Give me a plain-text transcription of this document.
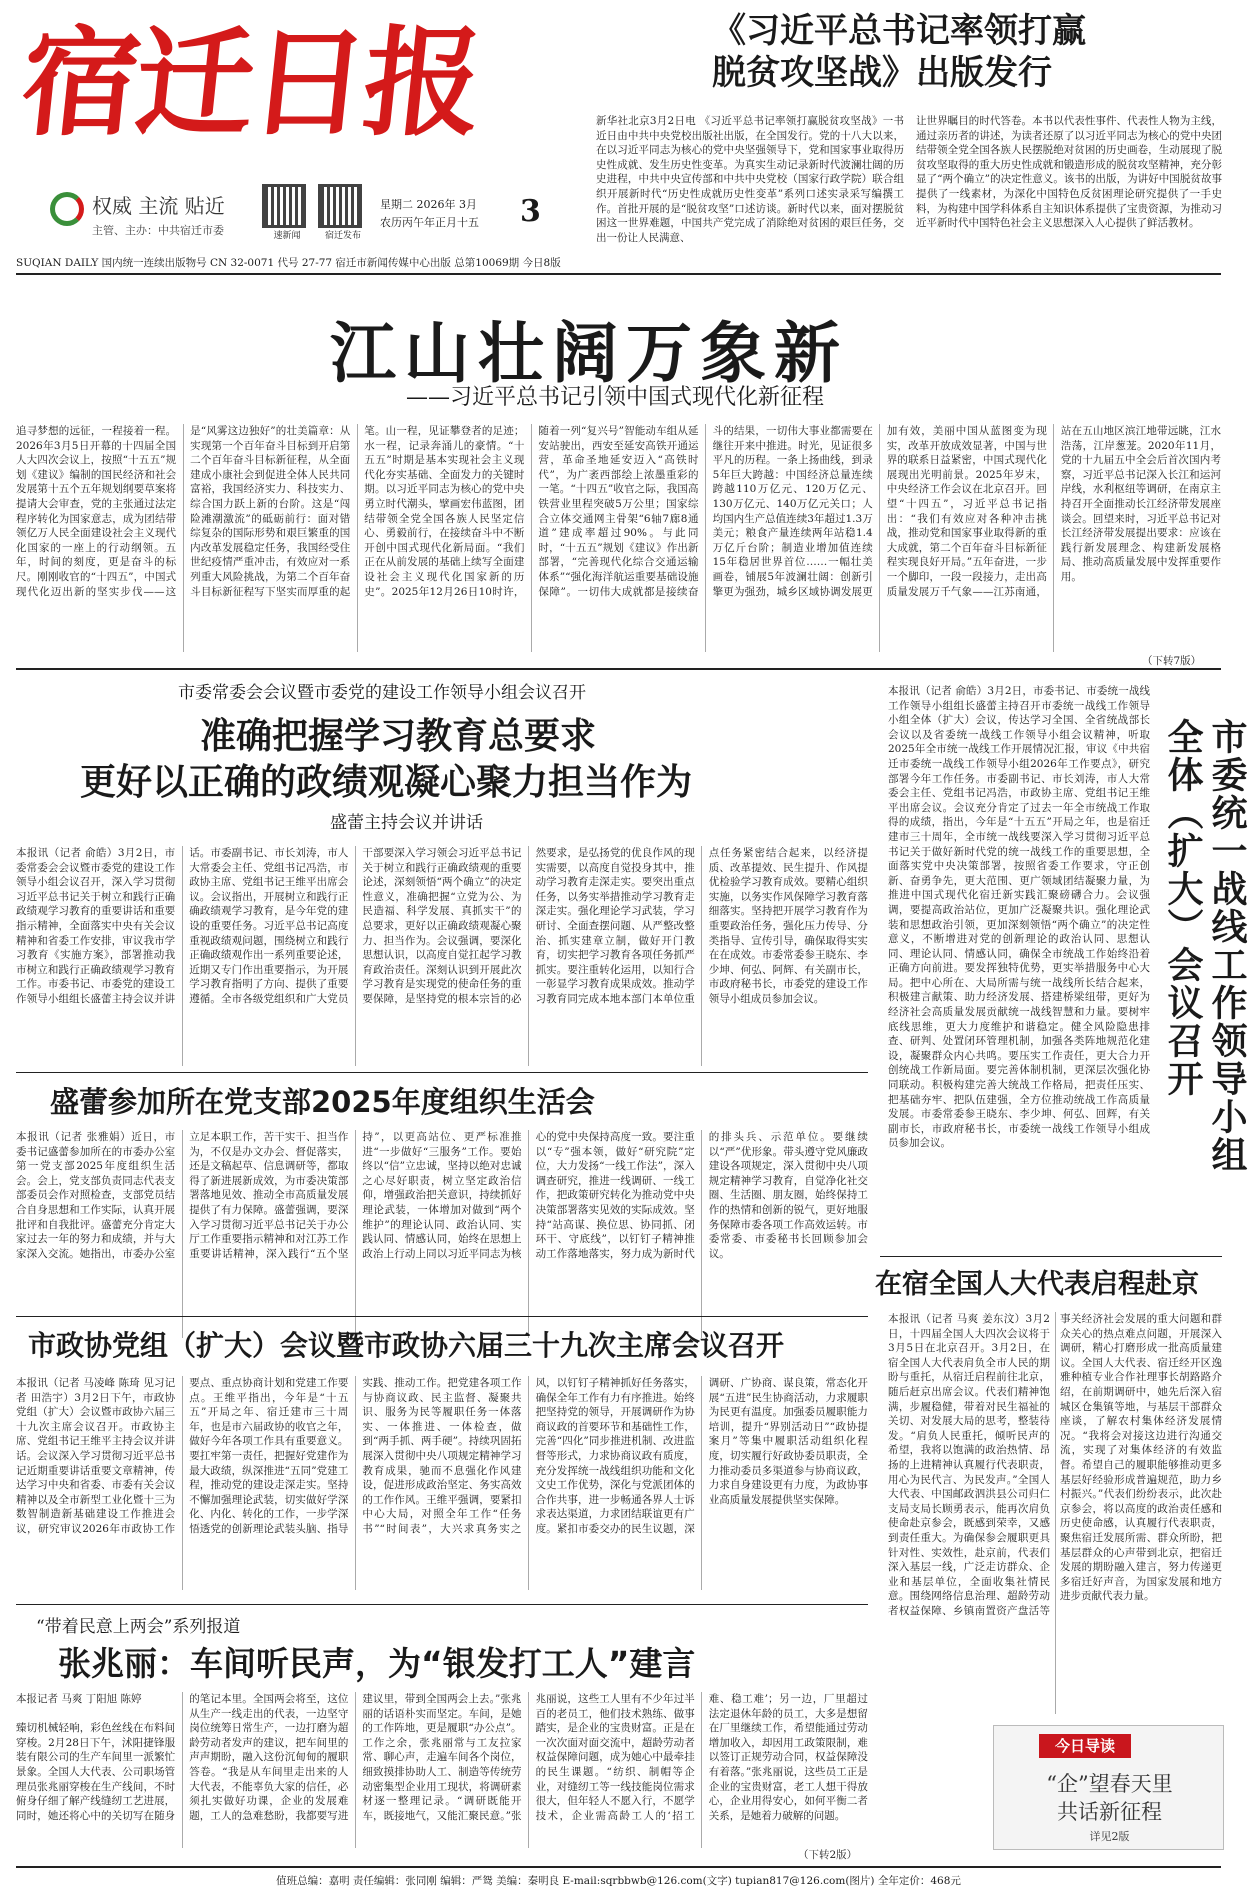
宿迁日报
权威 主流 贴近
主管、主办：中共宿迁市委	速新闻	宿迁发布
星期二 2026年 3月
农历丙午年正月十五 3
SUQIAN DAILY 国内统一连续出版物号 CN 32-0071 代号 27-77 宿迁市新闻传媒中心出版 总第10069期 今日8版
《习近平总书记率领打赢
脱贫攻坚战》出版发行
新华社北京3月2日电 《习近平总书记率领打赢脱贫攻坚战》一书近日由中共中央党校出版社出版，在全国发行。党的十八大以来，在以习近平同志为核心的党中央坚强领导下，党和国家事业取得历史性成就、发生历史性变革。为真实生动记录新时代波澜壮阔的历史进程，中共中央宣传部和中共中央党校（国家行政学院）联合组织开展新时代“历史性成就历史性变革”系列口述实录采写编撰工作。首批开展的是“脱贫攻坚”口述访谈。新时代以来，面对摆脱贫困这一世界难题，中国共产党完成了消除绝对贫困的艰巨任务，交出一份让人民满意、
让世界瞩目的时代答卷。本书以代表性事件、代表性人物为主线，通过亲历者的讲述，为读者还原了以习近平同志为核心的党中央团结带领全党全国各族人民摆脱绝对贫困的历史画卷，生动展现了脱贫攻坚取得的重大历史性成就和锻造形成的脱贫攻坚精神，充分彰显了“两个确立”的决定性意义。该书的出版，为讲好中国脱贫故事提供了一线素材，为深化中国特色反贫困理论研究提供了一手史料，为构建中国学科体系自主知识体系提供了宝贵资源，为推动习近平新时代中国特色社会主义思想深入人心提供了鲜活教材。
江山壮阔万象新
——习近平总书记引领中国式现代化新征程
追寻梦想的远征，一程接着一程。2026年3月5日开幕的十四届全国人大四次会议上，按照“十五五”规划《建议》编制的国民经济和社会发展第十五个五年规划纲要草案将提请大会审查，党的主张通过法定程序转化为国家意志，成为团结带领亿万人民全面建设社会主义现代化国家的一座上的行动纲领。五年，时间的刻度，更是奋斗的标尺。刚刚收官的“十四五”，中国式现代化迈出新的坚实步伐——这是“风雾这边独好”的壮美篇章：从实现第一个百年奋斗目标到开启第二个百年奋斗目标新征程，从全面建成小康社会到促进全体人民共同富裕，我国经济实力、科技实力、综合国力跃上新的台阶。这是“闯险滩潮激流”的砥砺前行：面对错综复杂的国际形势和艰巨繁重的国内改革发展稳定任务，我国经受住世纪疫情严重冲击，有效应对一系列重大风险挑战，为第二个百年奋斗目标新征程写下坚实而厚重的起笔。山一程，见证攀登者的足迹；水一程，记录奔涌儿的豪情。“十五五”时期是基本实现社会主义现代化夯实基础、全面发力的关键时期。以习近平同志为核心的党中央勇立时代潮头，擘画宏伟蓝图，团结带领全党全国各族人民坚定信心、勇毅前行，在接续奋斗中不断开创中国式现代化新局面。“我们正在从前发展的基础上续写全面建设社会主义现代化国家新的历史”。2025年12月26日10时许，随着一列“复兴号”智能动车组从延安站驶出，西安至延安高铁开通运营，革命圣地延安迈入“高铁时代”，为广袤西部绘上浓墨重彩的一笔。“十四五”收官之际，我国高铁营业里程突破5万公里；国家综合立体交通网主骨架“6轴7廊8通道”建成率超过90%。与此同时，“十五五”规划《建议》作出新部署，“完善现代化综合交通运输体系”“强化海洋航运重要基础设施保障”。一切伟大成就都是接续奋斗的结果，一切伟大事业都需要在继往开来中推进。时光，见证很多平凡的历程。一条上扬曲线，到录5年巨大跨越：中国经济总量连续跨越110万亿元、120万亿元、130万亿元、140万亿元关口；人均国内生产总值连续3年超过1.3万美元；粮食产量连续两年站稳1.4万亿斤台阶；制造业增加值连续15年稳居世界首位……一幅壮美画卷，铺展5年波澜壮阔：创新引擎更为强劲，城乡区域协调发展更加有效，美丽中国从蓝图变为现实，改革开放成效显著，中国与世界的联系日益紧密，中国式现代化展现出光明前景。2025年岁末，中央经济工作会议在北京召开。回望“十四五”，习近平总书记指出：“我们有效应对各种冲击挑战，推动党和国家事业取得新的重大成就，第二个百年奋斗目标新征程实现良好开局。”五年奋进，一步一个脚印，一段一段接力，走出高质量发展万千气象——江苏南通，站在五山地区滨江地带远眺，江水浩荡，江岸葱茏。2020年11月，党的十九届五中全会后首次国内考察，习近平总书记深入长江和运河岸线，水利枢纽等调研，在南京主持召开全面推动长江经济带发展座谈会。回望来时，习近平总书记对长江经济带发展提出要求：应该在践行新发展理念、构建新发展格局、推动高质量发展中发挥重要作用。
（下转7版）
市委常委会会议暨市委党的建设工作领导小组会议召开
准确把握学习教育总要求
更好以正确的政绩观凝心聚力担当作为
盛蕾主持会议并讲话
本报讯（记者 俞皓）3月2日，市委常委会会议暨市委党的建设工作领导小组会议召开，深入学习贯彻习近平总书记关于树立和践行正确政绩观学习教育的重要讲话和重要指示精神，全面落实中央有关会议精神和省委工作安排，审议我市学习教育《实施方案》，部署推动我市树立和践行正确政绩观学习教育工作。市委书记、市委党的建设工作领导小组组长盛蕾主持会议并讲话。市委副书记、市长刘涛，市人大常委会主任、党组书记冯浩，市政协主席、党组书记王维平出席会议。会议指出，开展树立和践行正确政绩观学习教育，是今年党的建设的重要任务。习近平总书记高度重视政绩观问题，围绕树立和践行正确政绩观作出一系列重要论述，近期又专门作出重要指示，为开展学习教育指明了方向、提供了重要遵循。全市各级党组织和广大党员干部要深入学习领会习近平总书记关于树立和践行正确政绩观的重要论述，深刻领悟“两个确立”的决定性意义，准确把握“立党为公、为民造福、科学发展、真抓实干”的总要求，更好以正确政绩观凝心聚力、担当作为。会议强调，要深化思想认识，以高度自觉扛起学习教育政治责任。深刻认识到开展此次学习教育是实现党的使命任务的重要保障，是坚持党的根本宗旨的必然要求，是弘扬党的优良作风的现实需要，以高度自觉投身其中，推动学习教育走深走实。要突出重点任务，以务实举措推动学习教育走深走实。强化理论学习武装，学习研讨、全面查摆问题、从严整改整治、抓实建章立制，做好开门教育，切实把学习教育各项任务抓严抓实。要注重转化运用，以知行合一彰显学习教育成果成效。推动学习教育同完成本地本部门本单位重点任务紧密结合起来，以经济提质、改革提效、民生提升、作风提优检验学习教育成效。要精心组织实施，以务实作风保障学习教育落细落实。坚持把开展学习教育作为重要政治任务，强化压力传导、分类指导、宣传引导，确保取得实实在在成效。市委常委参王晓东、李少坤、何弘、阿辉、有关副市长，市政府秘书长，市委党的建设工作领导小组成员参加会议。
盛蕾参加所在党支部2025年度组织生活会
本报讯（记者 张雅娟）近日，市委书记盛蕾参加所在的市委办公室第一党支部2025年度组织生活会。会上，党支部负责同志代表支部委员会作对照检查，支部党员结合自身思想和工作实际，认真开展批评和自我批评。盛蕾充分肯定大家过去一年的努力和成绩，并与大家深入交流。她指出，市委办公室立足本职工作，苦干实干、担当作为，不仅是办文办会、督促落实，还是文稿起草、信息调研等，都取得了新进展新成效，为市委决策部署落地见效、推动全市高质量发展提供了有力保障。盛蕾强调，要深入学习贯彻习近平总书记关于办公厅工作重要指示精神和对江苏工作重要讲话精神，深入践行“五个坚持”，以更高站位、更严标准推进“一步做好“三服务”工作。要始终以“信”立忠诚，坚持以绝对忠诚之心尽好职责，树立坚定政治信仰，增强政治把关意识，持续抓好理论武装，一体增加对做到“两个维护”的理论认同、政治认同、实践认同、情感认同，始终在思想上政治上行动上同以习近平同志为核心的党中央保持高度一致。要注重以“专”强本领，做好“研究院”定位，大力发扬“一线工作法”，深入调查研究，推进一线调研、一线工作，把政策研究转化为推动党中央决策部署落实见效的实际成效。坚持“站高谋、换位思、协同抓、闭环干、守底线”，以钉钉子精神推动工作落地落实，努力成为新时代的排头兵、示范单位。要继续以“严”优形象。带头遵守党风廉政建设各项规定，深入贯彻中央八项规定精神学习教育，自觉净化社交圈、生活圈、朋友圈，始终保持工作的热情和创新的锐气，更好地服务保障市委各项工作高效运转。市委常委、市委秘书长回顾参加会议。
市委统一战线工作领导小组全体（扩大）会议召开
本报讯（记者 俞皓）3月2日，市委书记、市委统一战线工作领导小组组长盛蕾主持召开市委统一战线工作领导小组全体（扩大）会议，传达学习全国、全省统战部长会议以及省委统一战线工作领导小组会议精神，听取2025年全市统一战线工作开展情况汇报，审议《中共宿迁市委统一战线工作领导小组2026年工作要点》，研究部署今年工作任务。市委副书记、市长刘涛，市人大常委会主任、党组书记冯浩，市政协主席、党组书记王维平出席会议。会议充分肯定了过去一年全市统战工作取得的成绩，指出，今年是“十五五”开局之年，也是宿迁建市三十周年，全市统一战线要深入学习贯彻习近平总书记关于做好新时代党的统一战线工作的重要思想，全面落实党中央决策部署，按照省委工作要求，守正创新、奋勇争先，更大范围、更广领域团结凝聚力量，为推进中国式现代化宿迁新实践汇聚磅礴合力。会议强调，要提高政治站位，更加广泛凝聚共识。强化理论武装和思想政治引领，更加深刻领悟“两个确立”的决定性意义，不断增进对党的创新理论的政治认同、思想认同、理论认同、情感认同，确保全市统战工作始终沿着正确方向前进。要发挥独特优势，更实举措服务中心大局。把中心所在、大局所需与统一战线所长结合起来，积极建言献策、助力经济发展、搭建桥梁纽带，更好为经济社会高质量发展贡献统一战线智慧和力量。要树牢底线思维，更大力度维护和谐稳定。健全风险隐患排查、研判、处置闭环管理机制，加强各类阵地规范化建设，凝聚群众内心共鸣。要压实工作责任，更大合力开创统战工作新局面。要完善体制机制，更深层次强化协同联动。积极构建完善大统战工作格局，把责任压实、把基础夯牢、把队伍建强，全方位推动统战工作高质量发展。市委常委参王晓东、李少坤、何弘、回辉，有关副市长，市政府秘书长，市委统一战线工作领导小组成员参加会议。
在宿全国人大代表启程赴京
本报讯（记者 马爽 姜东汶）3月2日，十四届全国人大四次会议将于3月5日在北京召开。3月2日，在宿全国人大代表肩负全市人民的期盼与重托，从宿迁启程前往北京，随后赶京出席会议。代表们精神饱满，步履稳健，带着对民生福祉的关切、对发展大局的思考，整装待发。“肩负人民重托，倾听民声的希望，我将以饱满的政治热情、昂扬的上进精神认真履行代表职责，用心为民代言、为民发声。”全国人大代表、中国邮政泗洪县公司归仁支局支局长顾勇表示，能再次肩负使命赴京参会，既感到荣幸，又感到责任重大。为确保参会履职更具针对性、实效性，赴京前，代表们深入基层一线，广泛走访群众、企业和基层单位，全面收集社情民意。围绕网络信息治理、超龄劳动者权益保障、乡镇南置资产盘活等事关经济社会发展的重大问题和群众关心的热点难点问题，开展深入调研，精心打磨形成一批高质量建议。全国人大代表、宿迁经开区逸雅种植专业合作社理事长胡路路介绍，在前期调研中，她先后深入宿城区仓集镇等地，与基层干部群众座谈，了解农村集体经济发展情况。“我将会对接这边进行沟通交流，实现了对集体经济的有效监督。希望自己的履职能够推动更多基层好经验形成普遍规范，助力乡村振兴。”代表们纷纷表示，此次赴京参会，将以高度的政治责任感和历史使命感，认真履行代表职责，聚焦宿迁发展所需、群众所盼，把基层群众的心声带到北京，把宿迁发展的期盼融入建言，努力传递更多宿迁好声音，为国家发展和地方进步贡献代表力量。
市政协党组（扩大）会议暨市政协六届三十九次主席会议召开
本报讯（记者 马凌峰 陈琦 见习记者 田浩宇）3月2日下午，市政协党组（扩大）会议暨市政协六届三十九次主席会议召开。市政协主席、党组书记王维平主持会议并讲话。会议深入学习贯彻习近平总书记近期重要讲话重要文章精神，传达学习中央和省委、市委有关会议精神以及全市新型工业化暨十三为数智制造新基础建设工作推进会议，研究审议2026年市政协工作要点、重点协商计划和党建工作要点。王维平指出，今年是“十五五”开局之年、宿迁建市三十周年，也是市六届政协的收官之年，做好今年各项工作具有重要意义。要扛牢第一责任，把握好党建作为最大政绩，纵深推进“五同”党建工程，推动党的建设走深走实。坚持不懈加强理论武装，切实做好学深化、内化、转化的工作，一步学深悟透党的创新理论武装头脑、指导实践、推动工作。把党建各项工作与协商议政、民主监督、凝聚共识、服务为民等履职任务一体落实、一体推进、一体检查，做到“两手抓、两手硬”。持续巩固拓展深入贯彻中央八项规定精神学习教育成果，驰而不息强化作风建设，促进形成政治坚定、务实高效的工作作风。王维平强调，要紧扣中心大局，对照全年工作“任务书”“时间表”，大兴求真务实之风，以钉钉子精神抓好任务落实，确保全年工作有力有序推进。始终把坚持党的领导，开展调研作为协商议政的首要环节和基础性工作，完善“四化”同步推进机制、改进监督等形式，力求协商议政有质度，充分发挥统一战线组织功能和文化文史工作优势，深化与党派团体的合作共事，进一步畅通各界人士诉求表达渠道，力求团结联谊更有广度。紧扣市委交办的民生议题，深调研、广协商、谋良策，常态化开展“五进”民生协商活动，力求履职为民更有温度。加强委员履职能力培训，提升“界别活动日”“政协提案月”等集中履职活动组织化程度，切实履行好政协委员职责，全力推动委员多渠道参与协商议政，力求自身建设更有力度，为政协事业高质量发展提供坚实保障。
“带着民意上两会”系列报道
张兆丽：车间听民声，为“银发打工人”建言
本报记者 马爽 丁阳旭 陈婷

臻切机械轻响，彩色丝线在布料间穿梭。2月28日下午，沭阳捷锋服装有限公司的生产车间里一派繁忙景象。全国人大代表、公司职场管理员张兆丽穿梭在生产线间，不时俯身仔细了解产线缝纫工艺进展，同时，她还将心中的关切写在随身的笔记本里。全国两会将至，这位从生产一线走出的代表，一边坚守岗位统筹日常生产，一边打磨为超龄劳动者发声的建议，把车间里的声声期盼，融入这份沉甸甸的履职答卷。“我是从车间里走出来的人大代表，不能辜负大家的信任，必须扎实做好功课，企业的发展难题，工人的急难愁盼，我都要写进建议里，带到全国两会上去。”张兆丽的话语朴实而坚定。车间，是她的工作阵地，更是履职“办公点”。工作之余，张兆丽常与工友拉家常、聊心声，走遍车间各个岗位，细致摸排协助人工、制造等传统劳动密集型企业用工现状，将调研素材逐一整理记录。“调研既能开车，既接地气，又能汇聚民意。”张兆丽说，这些工人里有不少年过半百的老员工，他们技术熟练、做事踏实，是企业的宝贵财富。正是在一次次面对面交流中，超龄劳动者权益保障问题，成为她心中最牵挂的民生课题。“纺织、制帽等企业，对缝纫工等一线技能岗位需求很大，但年轻人不愿入行，不愿学技术，企业需高龄工人的‘招工难、稳工难’；另一边，厂里超过法定退休年龄的员工，大多是想留在厂里继续工作，希望能通过劳动增加收入，却因用工政策限制，难以签订正规劳动合同，权益保障没有着落。”张兆丽说，这些员工正是企业的宝贵财富，老工人想干得放心，企业用得安心，如何平衡二者关系，是她着力破解的问题。
（下转2版）
今日导读
“企”望春天里
共话新征程
详见2版
值班总编：嘉明 责任编辑：张同刚 编辑：严鸳 美编：秦明良 E-mail:sqrbbwb@126.com(文字) tupian817@126.com(图片) 全年定价：468元
